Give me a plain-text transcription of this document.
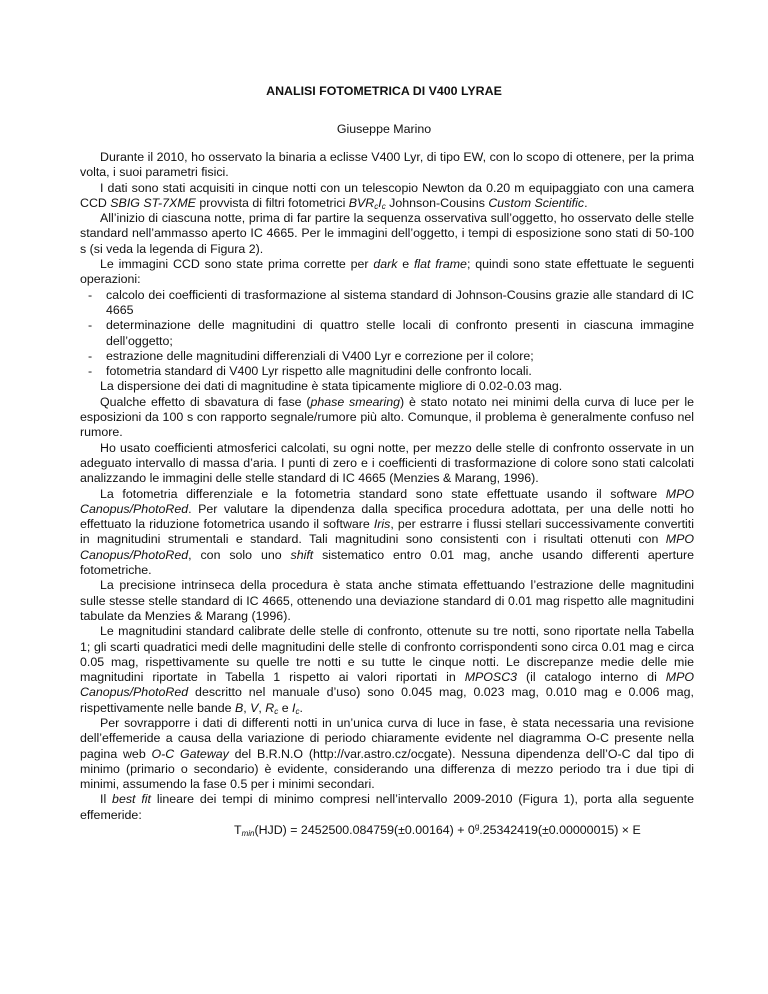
ANALISI FOTOMETRICA DI V400 LYRAE
Giuseppe Marino

Durante il 2010, ho osservato la binaria a eclisse V400 Lyr, di tipo EW, con lo scopo di ottenere, per la prima volta, i suoi parametri fisici.

I dati sono stati acquisiti in cinque notti con un telescopio Newton da 0.20 m equipaggiato con una camera CCD SBIG ST-7XME provvista di filtri fotometrici $BVR_cI_c$ Johnson-Cousins Custom Scientific.

All’inizio di ciascuna notte, prima di far partire la sequenza osservativa sull’oggetto, ho osservato delle stelle standard nell’ammasso aperto IC 4665. Per le immagini dell’oggetto, i tempi di esposizione sono stati di 50-100 s (si veda la legenda di Figura 2).

Le immagini CCD sono state prima corrette per dark e flat frame; quindi sono state effettuate le seguenti operazioni:

- calcolo dei coefficienti di trasformazione al sistema standard di Johnson-Cousins grazie alle standard di IC 4665
- determinazione delle magnitudini di quattro stelle locali di confronto presenti in ciascuna immagine dell’oggetto;
- estrazione delle magnitudini differenziali di V400 Lyr e correzione per il colore;
- fotometria standard di V400 Lyr rispetto alle magnitudini delle confronto locali.

La dispersione dei dati di magnitudine è stata tipicamente migliore di 0.02-0.03 mag.

Qualche effetto di sbavatura di fase (phase smearing) è stato notato nei minimi della curva di luce per le esposizioni da 100 s con rapporto segnale/rumore più alto. Comunque, il problema è generalmente confuso nel rumore.

Ho usato coefficienti atmosferici calcolati, su ogni notte, per mezzo delle stelle di confronto osservate in un adeguato intervallo di massa d’aria. I punti di zero e i coefficienti di trasformazione di colore sono stati calcolati analizzando le immagini delle stelle standard di IC 4665 (Menzies & Marang, 1996).

La fotometria differenziale e la fotometria standard sono state effettuate usando il software MPO Canopus/PhotoRed. Per valutare la dipendenza dalla specifica procedura adottata, per una delle notti ho effettuato la riduzione fotometrica usando il software Iris, per estrarre i flussi stellari successivamente convertiti in magnitudini strumentali e standard. Tali magnitudini sono consistenti con i risultati ottenuti con MPO Canopus/PhotoRed, con solo uno shift sistematico entro 0.01 mag, anche usando differenti aperture fotometriche.

La precisione intrinseca della procedura è stata anche stimata effettuando l’estrazione delle magnitudini sulle stesse stelle standard di IC 4665, ottenendo una deviazione standard di 0.01 mag rispetto alle magnitudini tabulate da Menzies & Marang (1996).

Le magnitudini standard calibrate delle stelle di confronto, ottenute su tre notti, sono riportate nella Tabella 1; gli scarti quadratici medi delle magnitudini delle stelle di confronto corrispondenti sono circa 0.01 mag e circa 0.05 mag, rispettivamente su quelle tre notti e su tutte le cinque notti. Le discrepanze medie delle mie magnitudini riportate in Tabella 1 rispetto ai valori riportati in MPOSC3 (il catalogo interno di MPO Canopus/PhotoRed descritto nel manuale d’uso) sono 0.045 mag, 0.023 mag, 0.010 mag e 0.006 mag, rispettivamente nelle bande B, V, $R_c$ e $I_c$.

Per sovrapporre i dati di differenti notti in un’unica curva di luce in fase, è stata necessaria una revisione dell’effemeride a causa della variazione di periodo chiaramente evidente nel diagramma O-C presente nella pagina web O-C Gateway del B.R.N.O (http://var.astro.cz/ocgate). Nessuna dipendenza dell’O-C dal tipo di minimo (primario o secondario) è evidente, considerando una differenza di mezzo periodo tra i due tipi di minimi, assumendo la fase 0.5 per i minimi secondari.

Il best fit lineare dei tempi di minimo compresi nell’intervallo 2009-2010 (Figura 1), porta alla seguente effemeride:

$T_{min}(HJD) = 2452500.084759(\pm 0.00164) + 0^g.25342419(\pm 0.00000015) \times E$
